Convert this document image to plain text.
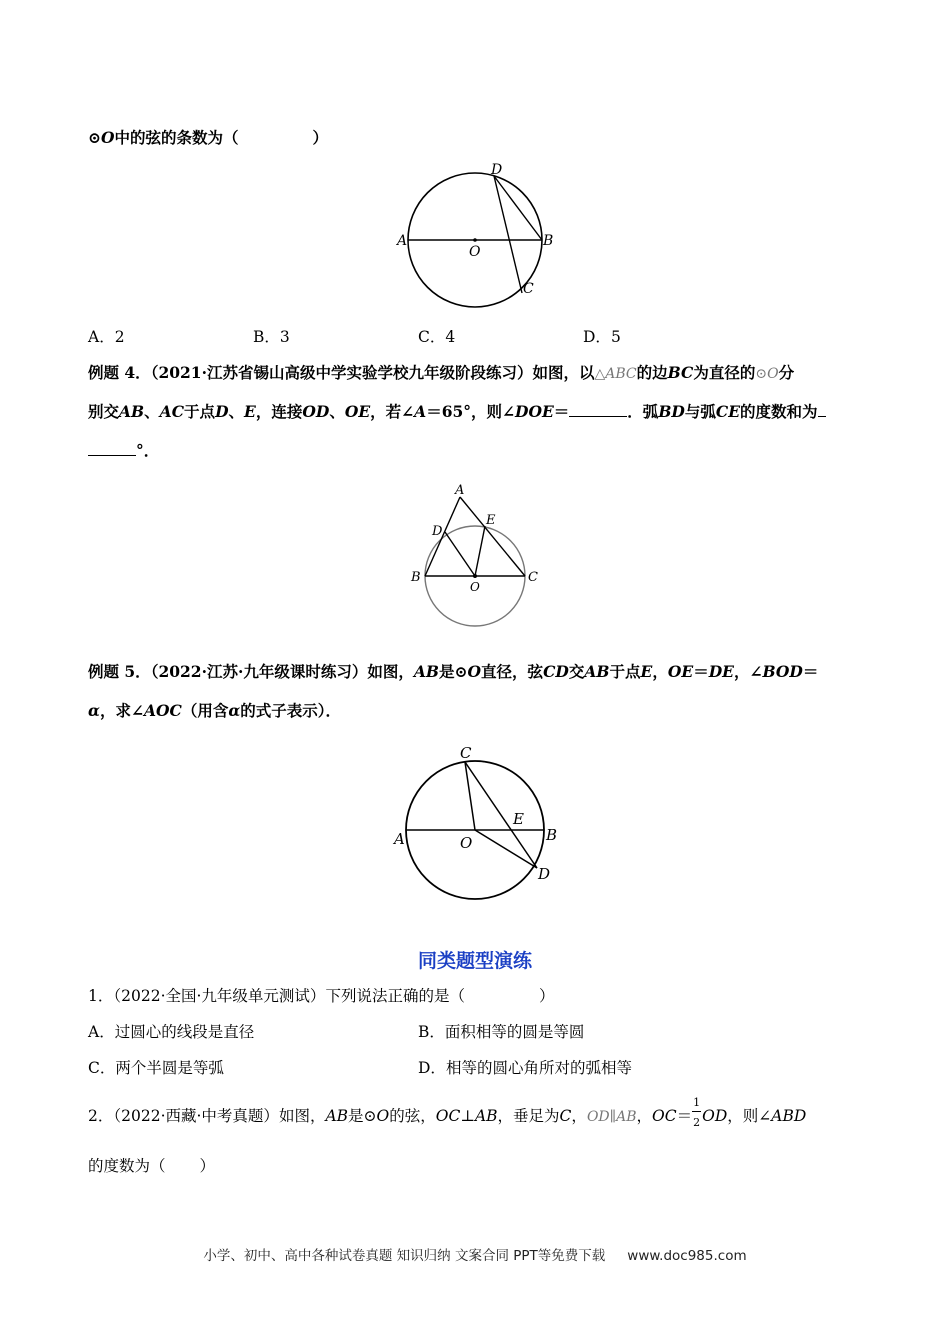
⊙O中的弦的条数为（	）
A	B
C
D
O
A．2	B．3	C．4	D．5
例题 4．（2021·江苏省锡山高级中学实验学校九年级阶段练习）如图，以△ABC的边BC为直径的⊙O分
别交AB、AC于点D、E，连接OD、OE，若∠A＝65°，则∠DOE＝	．弧BD与弧CE的度数和为
°．
A
B	C
D
E
O
例题 5．（2022·江苏·九年级课时练习）如图，AB是⊙O直径，弦CD交AB于点E，OE＝DE，∠BOD＝
α，求∠AOC（用含α的式子表示）．
A	B
C
D
E
O
同类题型演练
1．（2022·全国·九年级单元测试）下列说法正确的是（	）
A．过圆心的线段是直径	B．面积相等的圆是等圆
C．两个半圆是等弧	D．相等的圆心角所对的弧相等
2．（2022·西藏·中考真题）如图，AB是⊙O的弦，OC⊥AB，垂足为C，OD∥AB，$OC= \frac{1}{2}$ OD，则∠ABD
的度数为（ ）
小学、初中、高中各种试卷真题 知识归纳 文案合同 PPT等免费下载 www.doc985.com
